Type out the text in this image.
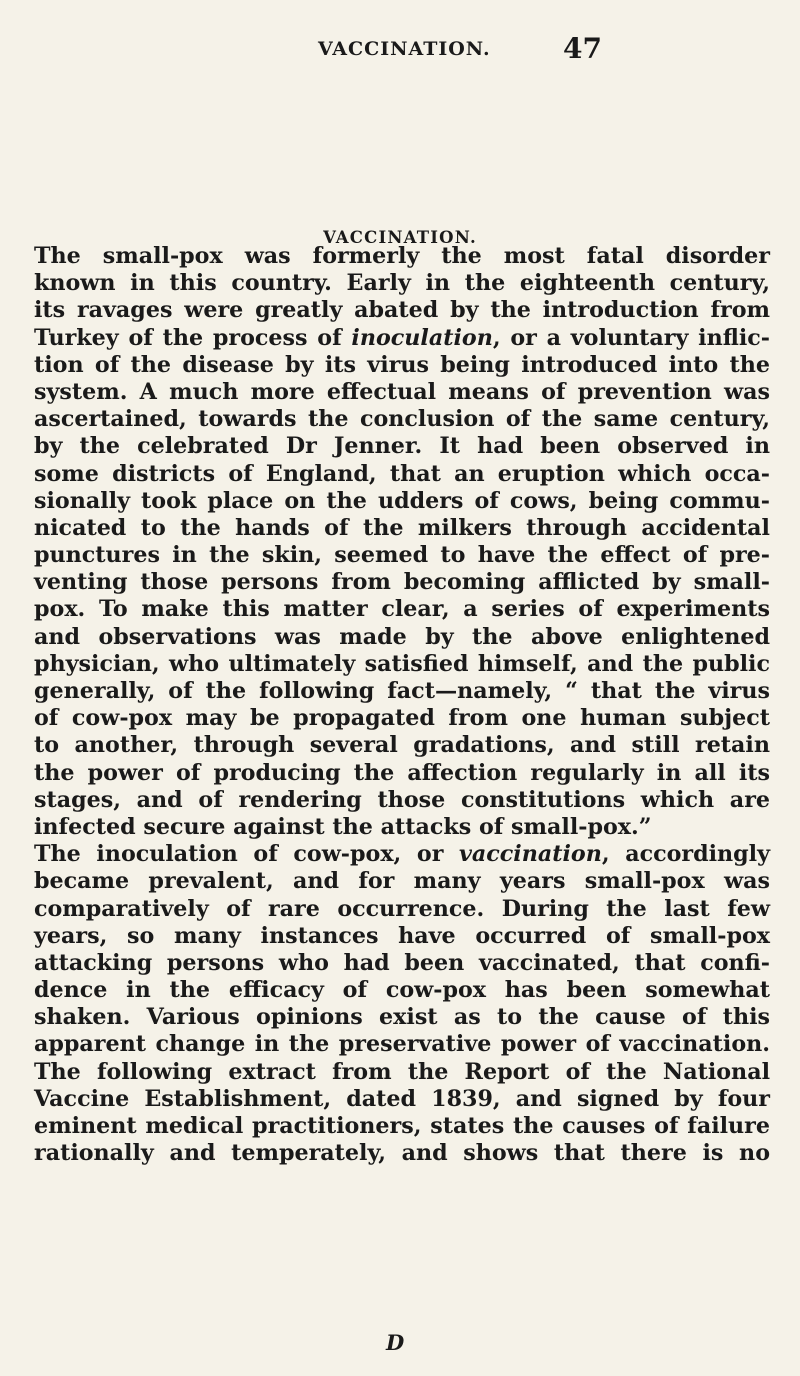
VACCINATION.	47
VACCINATION.
The small-pox was formerly the most fatal disorder
known in this country. Early in the eighteenth century,
its ravages were greatly abated by the introduction from
Turkey of the process of inoculation, or a voluntary inflic-
tion of the disease by its virus being introduced into the
system. A much more effectual means of prevention was
ascertained, towards the conclusion of the same century,
by the celebrated Dr Jenner. It had been observed in
some districts of England, that an eruption which occa-
sionally took place on the udders of cows, being commu-
nicated to the hands of the milkers through accidental
punctures in the skin, seemed to have the effect of pre-
venting those persons from becoming afflicted by small-
pox. To make this matter clear, a series of experiments
and observations was made by the above enlightened
physician, who ultimately satisfied himself, and the public
generally, of the following fact—namely, “ that the virus
of cow-pox may be propagated from one human subject
to another, through several gradations, and still retain
the power of producing the affection regularly in all its
stages, and of rendering those constitutions which are
infected secure against the attacks of small-pox.”
The inoculation of cow-pox, or vaccination, accordingly
became prevalent, and for many years small-pox was
comparatively of rare occurrence. During the last few
years, so many instances have occurred of small-pox
attacking persons who had been vaccinated, that confi-
dence in the efficacy of cow-pox has been somewhat
shaken. Various opinions exist as to the cause of this
apparent change in the preservative power of vaccination.
The following extract from the Report of the National
Vaccine Establishment, dated 1839, and signed by four
eminent medical practitioners, states the causes of failure
rationally and temperately, and shows that there is no
D
